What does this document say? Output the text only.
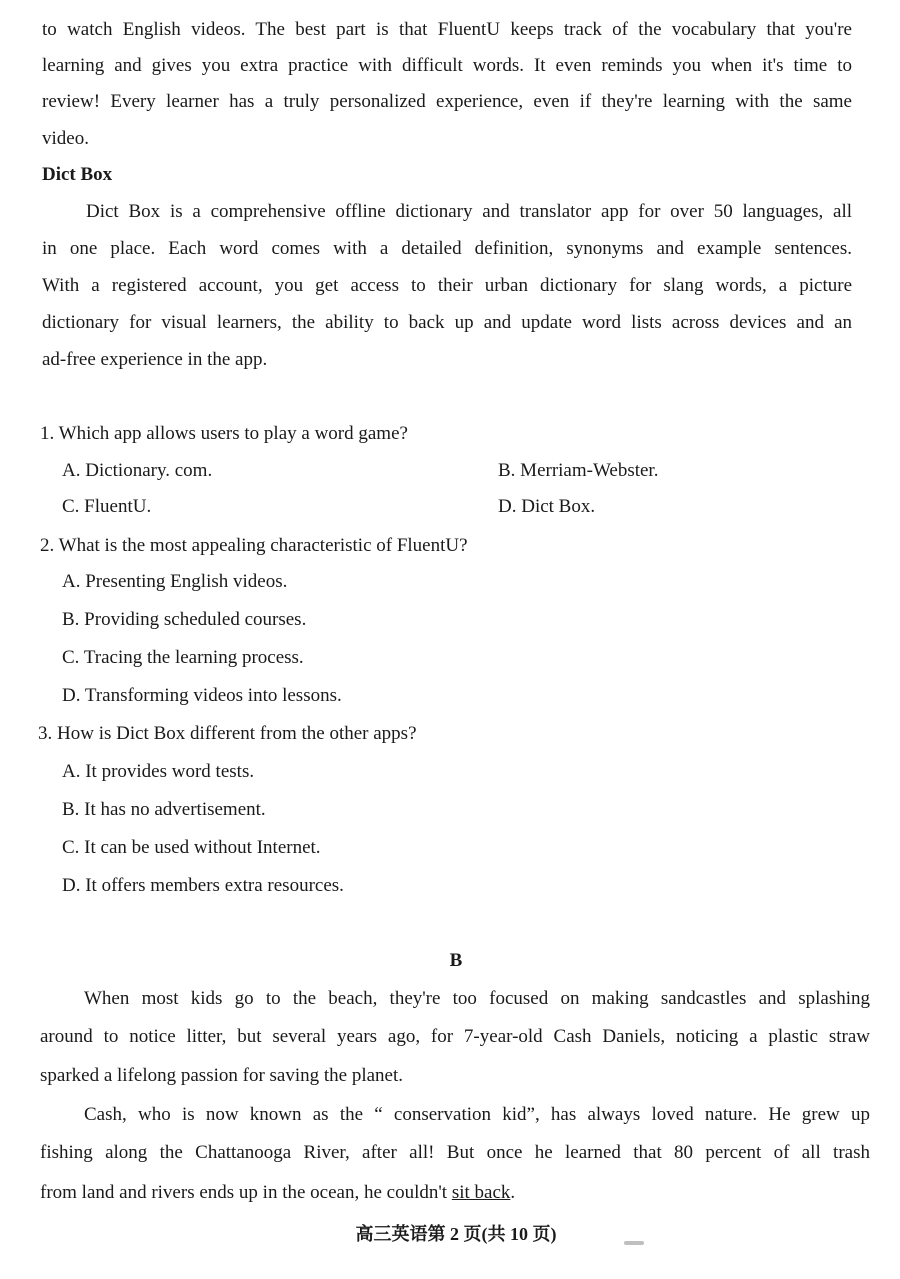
to watch English videos. The best part is that FluentU keeps track of the vocabulary that you're
learning and gives you extra practice with difficult words. It even reminds you when it's time to
review! Every learner has a truly personalized experience, even if they're learning with the same
video.
Dict Box
Dict Box is a comprehensive offline dictionary and translator app for over 50 languages, all
in one place. Each word comes with a detailed definition, synonyms and example sentences.
With a registered account, you get access to their urban dictionary for slang words, a picture
dictionary for visual learners, the ability to back up and update word lists across devices and an
ad-free experience in the app.
1. Which app allows users to play a word game?
A. Dictionary. com.	B. Merriam-Webster.
C. FluentU.	D. Dict Box.
2. What is the most appealing characteristic of FluentU?
A. Presenting English videos.
B. Providing scheduled courses.
C. Tracing the learning process.
D. Transforming videos into lessons.
3. How is Dict Box different from the other apps?
A. It provides word tests.
B. It has no advertisement.
C. It can be used without Internet.
D. It offers members extra resources.
B
When most kids go to the beach, they're too focused on making sandcastles and splashing
around to notice litter, but several years ago, for 7-year-old Cash Daniels, noticing a plastic straw
sparked a lifelong passion for saving the planet.
Cash, who is now known as the “ conservation kid”, has always loved nature. He grew up
fishing along the Chattanooga River, after all! But once he learned that 80 percent of all trash
from land and rivers ends up in the ocean, he couldn't sit back.
高三英语第 2 页(共 10 页)
